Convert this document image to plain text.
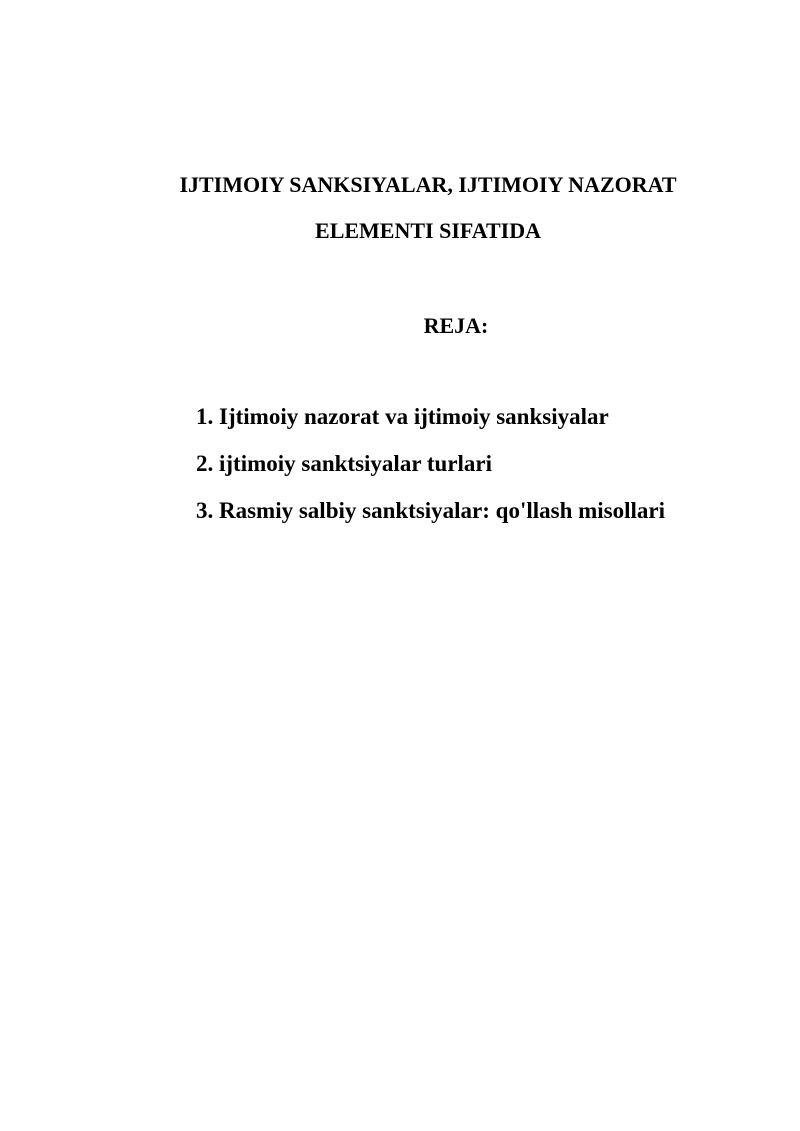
IJTIMOIY SANKSIYALAR, IJTIMOIY NAZORAT
ELEMENTI SIFATIDA
REJA:
1. Ijtimoiy nazorat va ijtimoiy sanksiyalar
2. ijtimoiy sanktsiyalar turlari
3. Rasmiy salbiy sanktsiyalar: qo'llash misollari
